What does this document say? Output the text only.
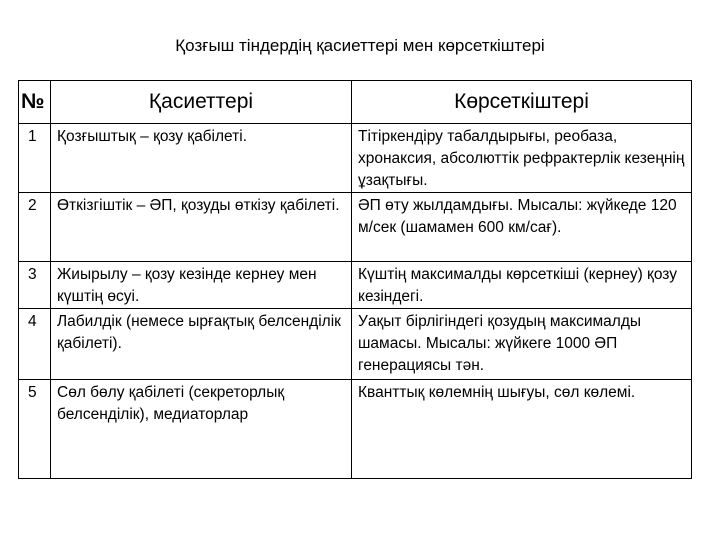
Қозғыш тіндердің қасиеттері мен көрсеткіштері
№	Қасиеттері	Көрсеткіштері
1	Қозғыштық – қозу қабілеті.	Тітіркендіру табалдырығы, реобаза, хронаксия, абсолюттік рефрактерлік кезеңнің ұзақтығы.
2	Өткізгіштік – ӘП, қозуды өткізу қабілеті.	ӘП өту жылдамдығы. Мысалы: жүйкеде 120 м/сек (шамамен 600 км/сағ).
3	Жиырылу – қозу кезінде кернеу мен күштің өсуі.	Күштің максималды көрсеткіші (кернеу) қозу кезіндегі.
4	Лабилдік (немесе ырғақтық белсенділік қабілеті).	Уақыт бірлігіндегі қозудың максималды шамасы. Мысалы: жүйкеге 1000 ӘП генерациясы тән.
5	Сөл бөлу қабілеті (секреторлық белсенділік), медиаторлар	Кванттық көлемнің шығуы, сөл көлемі.
